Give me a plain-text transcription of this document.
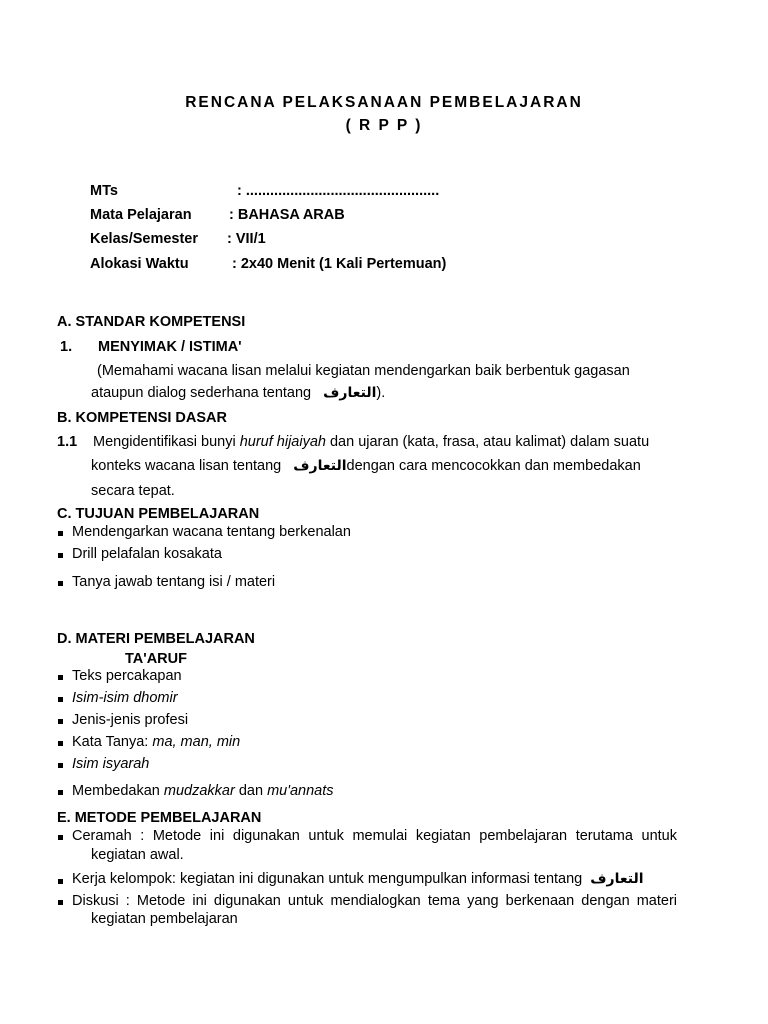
RENCANA PELAKSANAAN PEMBELAJARAN
( R P P )
MTs	: ................................................
Mata Pelajaran	: BAHASA ARAB
Kelas/Semester : VII/1
Alokasi Waktu	: 2x40 Menit (1 Kali Pertemuan)
A. STANDAR KOMPETENSI
1. MENYIMAK / ISTIMA'
(Memahami wacana lisan melalui kegiatan mendengarkan baik berbentuk gagasan
ataupun dialog sederhana tentang التعارف).
B. KOMPETENSI DASAR
1.1 Mengidentifikasi bunyi huruf hijaiyah dan ujaran (kata, frasa, atau kalimat) dalam suatu
konteks wacana lisan tentang التعارفdengan cara mencocokkan dan membedakan
secara tepat.
C. TUJUAN PEMBELAJARAN
Mendengarkan wacana tentang berkenalan
Drill pelafalan kosakata
Tanya jawab tentang isi / materi
D. MATERI PEMBELAJARAN
TA'ARUF
Teks percakapan
Isim-isim dhomir
Jenis-jenis profesi
Kata Tanya: ma, man, min
Isim isyarah
Membedakan mudzakkar dan mu'annats
E. METODE PEMBELAJARAN
Ceramah : Metode ini digunakan untuk memulai kegiatan pembelajaran terutama untuk
kegiatan awal.
Kerja kelompok: kegiatan ini digunakan untuk mengumpulkan informasi tentang التعارف
Diskusi : Metode ini digunakan untuk mendialogkan tema yang berkenaan dengan materi
kegiatan pembelajaran
